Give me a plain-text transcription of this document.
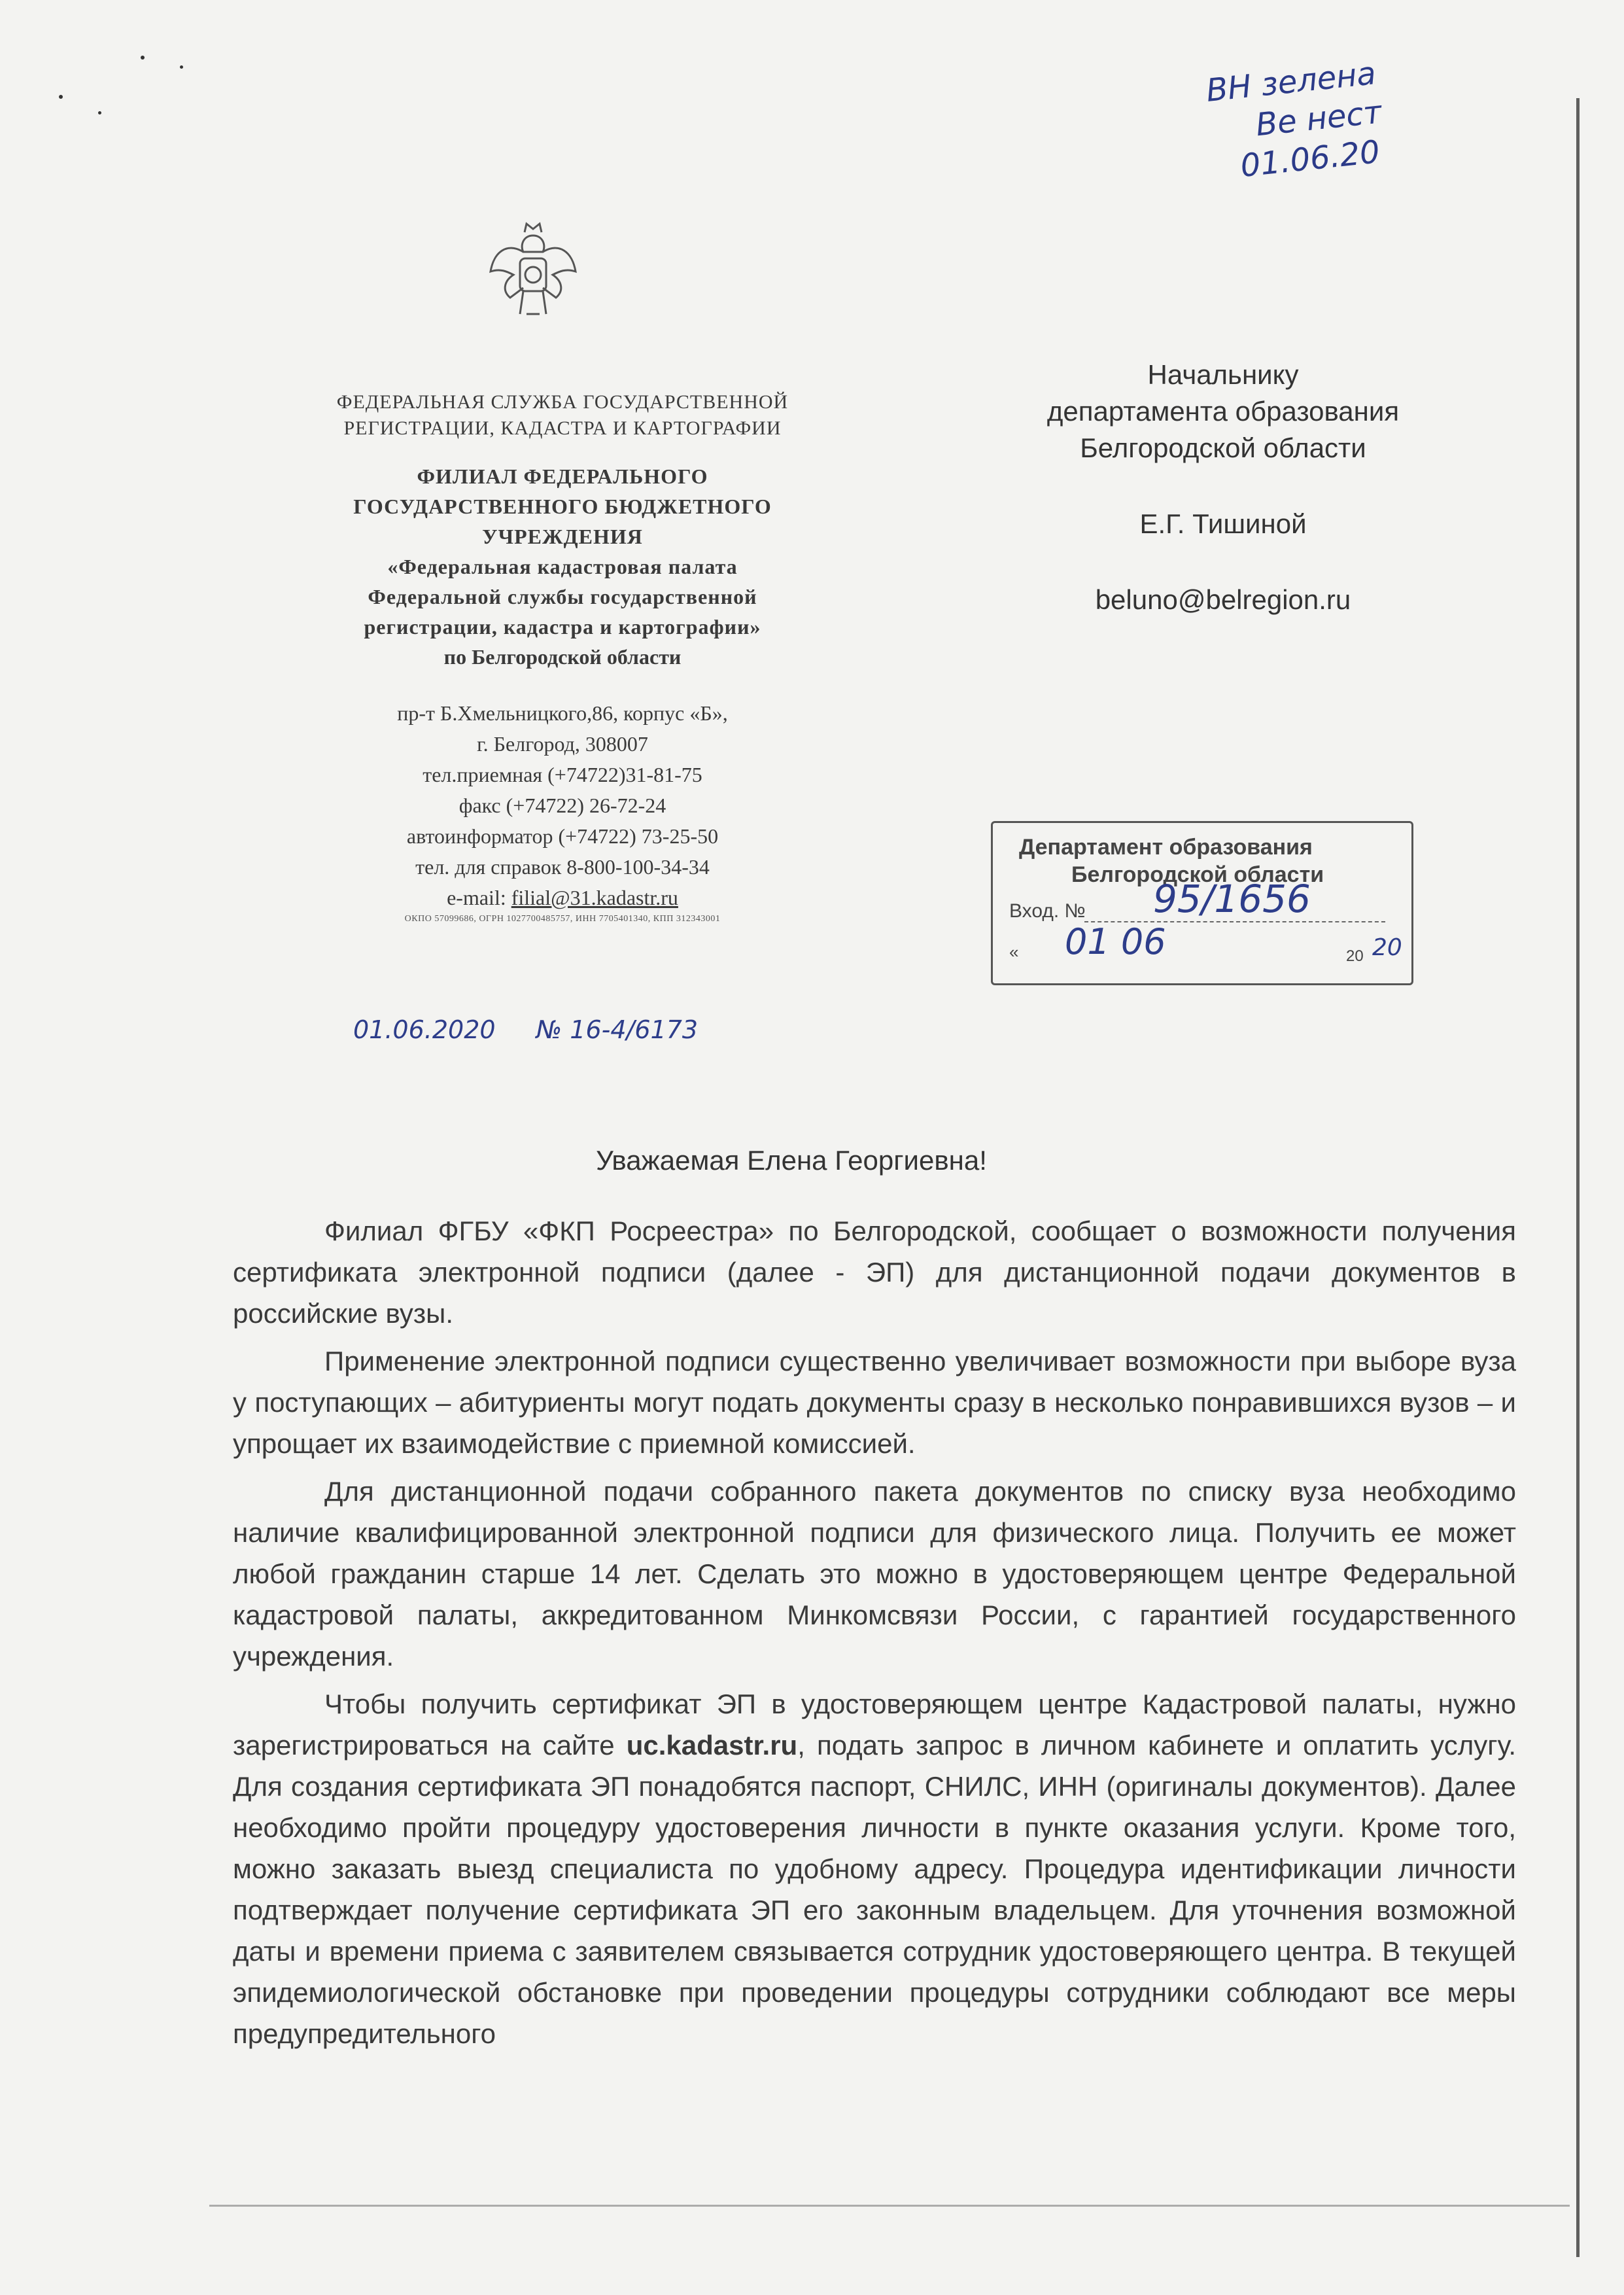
ВН зелена
Ве нест
01.06.20
ФЕДЕРАЛЬНАЯ СЛУЖБА ГОСУДАРСТВЕННОЙ
РЕГИСТРАЦИИ, КАДАСТРА И КАРТОГРАФИИ
ФИЛИАЛ ФЕДЕРАЛЬНОГО
ГОСУДАРСТВЕННОГО БЮДЖЕТНОГО
УЧРЕЖДЕНИЯ
«Федеральная кадастровая палата
Федеральной службы государственной
регистрации, кадастра и картографии»
по Белгородской области
пр-т Б.Хмельницкого,86, корпус «Б»,
г. Белгород, 308007
тел.приемная (+74722)31-81-75
факс (+74722) 26-72-24
автоинформатор (+74722) 73-25-50
тел. для справок 8-800-100-34-34
e-mail: filial@31.kadastr.ru
ОКПО 57099686, ОГРН 1027700485757, ИНН 7705401340, КПП 312343001
01.06.2020 № 16-4/6173
Начальнику
департамента образования
Белгородской области
Е.Г. Тишиной
beluno@belregion.ru
Департамент образования
Белгородской области
Вход. № 95/1656
« 01 06	20 20
Уважаемая Елена Георгиевна!

Филиал ФГБУ «ФКП Росреестра» по Белгородской, сообщает о возможности получения сертификата электронной подписи (далее - ЭП) для дистанционной подачи документов в российские вузы.

Применение электронной подписи существенно увеличивает возможности при выборе вуза у поступающих – абитуриенты могут подать документы сразу в несколько понравившихся вузов – и упрощает их взаимодействие с приемной комиссией.

Для дистанционной подачи собранного пакета документов по списку вуза необходимо наличие квалифицированной электронной подписи для физического лица. Получить ее может любой гражданин старше 14 лет. Сделать это можно в удостоверяющем центре Федеральной кадастровой палаты, аккредитованном Минкомсвязи России, с гарантией государственного учреждения.

Чтобы получить сертификат ЭП в удостоверяющем центре Кадастровой палаты, нужно зарегистрироваться на сайте uc.kadastr.ru, подать запрос в личном кабинете и оплатить услугу. Для создания сертификата ЭП понадобятся паспорт, СНИЛС, ИНН (оригиналы документов). Далее необходимо пройти процедуру удостоверения личности в пункте оказания услуги. Кроме того, можно заказать выезд специалиста по удобному адресу. Процедура идентификации личности подтверждает получение сертификата ЭП его законным владельцем. Для уточнения возможной даты и времени приема с заявителем связывается сотрудник удостоверяющего центра. В текущей эпидемиологической обстановке при проведении процедуры сотрудники соблюдают все меры предупредительного
